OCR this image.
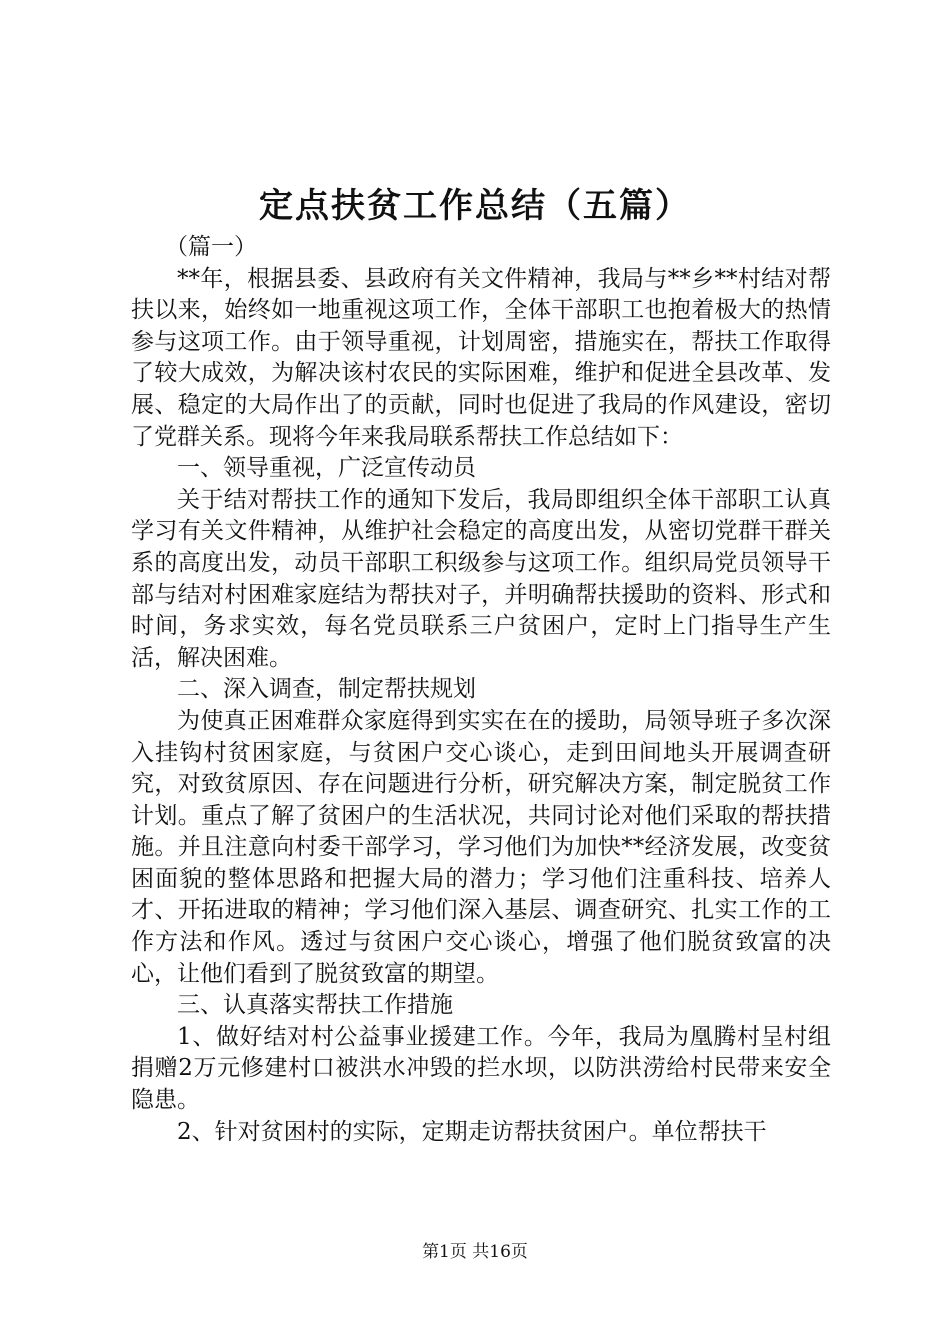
定点扶贫工作总结（五篇）

（篇一）

**年，根据县委、县政府有关文件精神，我局与**乡**村结对帮扶以来，始终如一地重视这项工作，全体干部职工也抱着极大的热情参与这项工作。由于领导重视，计划周密，措施实在，帮扶工作取得了较大成效，为解决该村农民的实际困难，维护和促进全县改革、发展、稳定的大局作出了的贡献，同时也促进了我局的作风建设，密切了党群关系。现将今年来我局联系帮扶工作总结如下：

一、领导重视，广泛宣传动员

关于结对帮扶工作的通知下发后，我局即组织全体干部职工认真学习有关文件精神，从维护社会稳定的高度出发，从密切党群干群关系的高度出发，动员干部职工积级参与这项工作。组织局党员领导干部与结对村困难家庭结为帮扶对子，并明确帮扶援助的资料、形式和时间，务求实效，每名党员联系三户贫困户，定时上门指导生产生活，解决困难。

二、深入调查，制定帮扶规划

为使真正困难群众家庭得到实实在在的援助，局领导班子多次深入挂钩村贫困家庭，与贫困户交心谈心，走到田间地头开展调查研究，对致贫原因、存在问题进行分析，研究解决方案，制定脱贫工作计划。重点了解了贫困户的生活状况，共同讨论对他们采取的帮扶措施。并且注意向村委干部学习，学习他们为加快**经济发展，改变贫困面貌的整体思路和把握大局的潜力；学习他们注重科技、培养人才、开拓进取的精神；学习他们深入基层、调查研究、扎实工作的工作方法和作风。透过与贫困户交心谈心，增强了他们脱贫致富的决心，让他们看到了脱贫致富的期望。

三、认真落实帮扶工作措施

1、做好结对村公益事业援建工作。今年，我局为凰腾村呈村组捐赠2万元修建村口被洪水冲毁的拦水坝，以防洪涝给村民带来安全隐患。

2、针对贫困村的实际，定期走访帮扶贫困户。单位帮扶干

第1页 共16页
